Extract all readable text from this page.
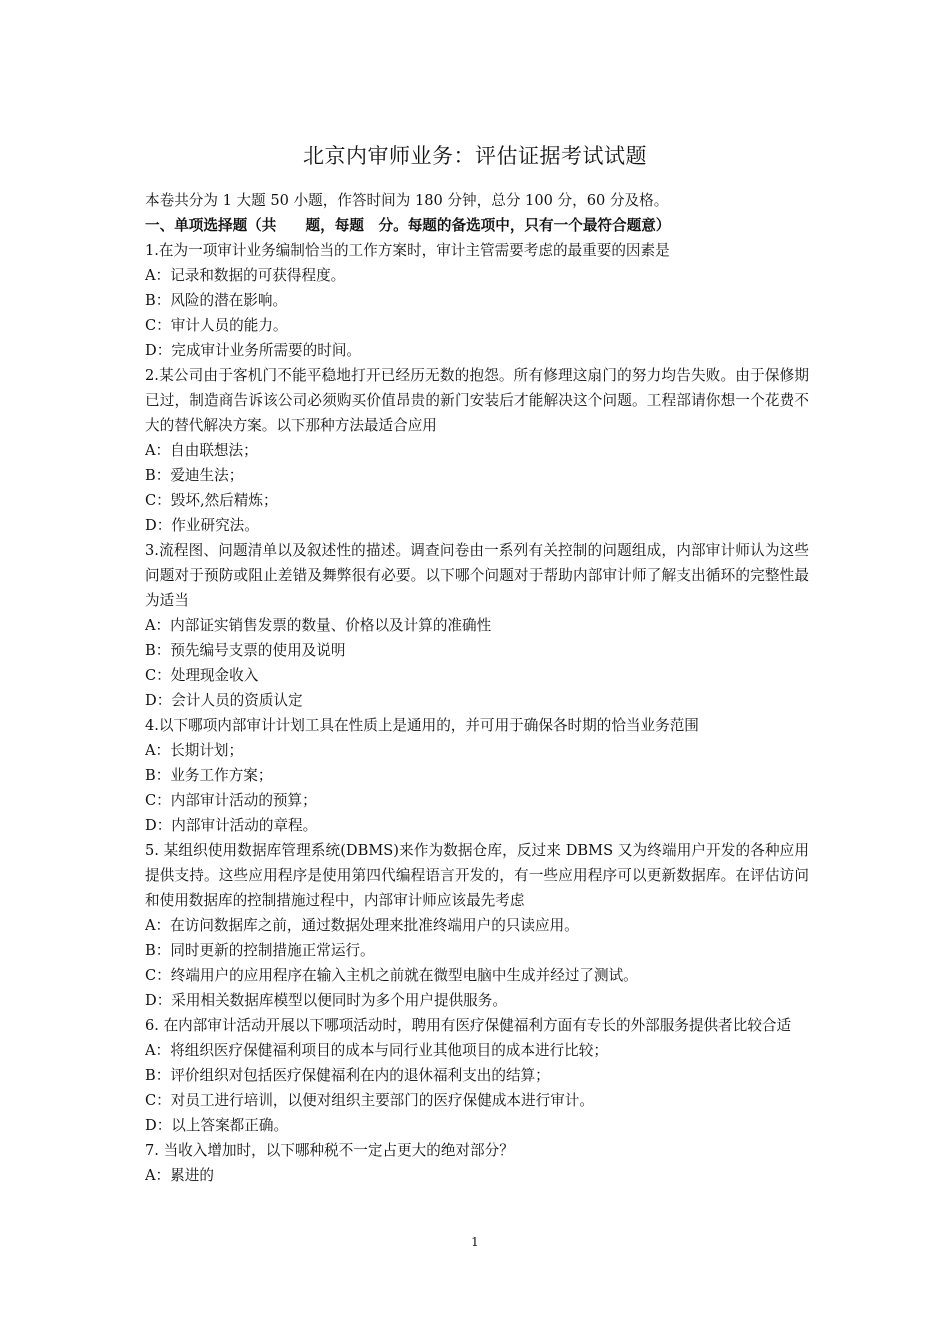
北京内审师业务：评估证据考试试题
本卷共分为 1 大题 50 小题，作答时间为 180 分钟，总分 100 分，60 分及格。
一、单项选择题（共　　题，每题　分。每题的备选项中，只有一个最符合题意）
1.在为一项审计业务编制恰当的工作方案时，审计主管需要考虑的最重要的因素是
A：记录和数据的可获得程度。
B：风险的潜在影响。
C：审计人员的能力。
D：完成审计业务所需要的时间。
2.某公司由于客机门不能平稳地打开已经历无数的抱怨。所有修理这扇门的努力均告失败。由于保修期已过，制造商告诉该公司必须购买价值昂贵的新门安装后才能解决这个问题。工程部请你想一个花费不大的替代解决方案。以下那种方法最适合应用
A：自由联想法；
B：爱迪生法；
C：毁坏,然后精炼；
D：作业研究法。
3.流程图、问题清单以及叙述性的描述。调查问卷由一系列有关控制的问题组成，内部审计师认为这些问题对于预防或阻止差错及舞弊很有必要。以下哪个问题对于帮助内部审计师了解支出循环的完整性最为适当
A：内部证实销售发票的数量、价格以及计算的准确性
B：预先编号支票的使用及说明
C：处理现金收入
D：会计人员的资质认定
4.以下哪项内部审计计划工具在性质上是通用的，并可用于确保各时期的恰当业务范围
A：长期计划；
B：业务工作方案；
C：内部审计活动的预算；
D：内部审计活动的章程。
5. 某组织使用数据库管理系统(DBMS)来作为数据仓库，反过来 DBMS 又为终端用户开发的各种应用提供支持。这些应用程序是使用第四代编程语言开发的，有一些应用程序可以更新数据库。在评估访问和使用数据库的控制措施过程中，内部审计师应该最先考虑
A：在访问数据库之前，通过数据处理来批准终端用户的只读应用。
B：同时更新的控制措施正常运行。
C：终端用户的应用程序在输入主机之前就在微型电脑中生成并经过了测试。
D：采用相关数据库模型以便同时为多个用户提供服务。
6. 在内部审计活动开展以下哪项活动时，聘用有医疗保健福利方面有专长的外部服务提供者比较合适
A：将组织医疗保健福利项目的成本与同行业其他项目的成本进行比较；
B：评价组织对包括医疗保健福利在内的退休福利支出的结算；
C：对员工进行培训，以便对组织主要部门的医疗保健成本进行审计。
D：以上答案都正确。
7. 当收入增加时，以下哪种税不一定占更大的绝对部分？
A：累进的
1
